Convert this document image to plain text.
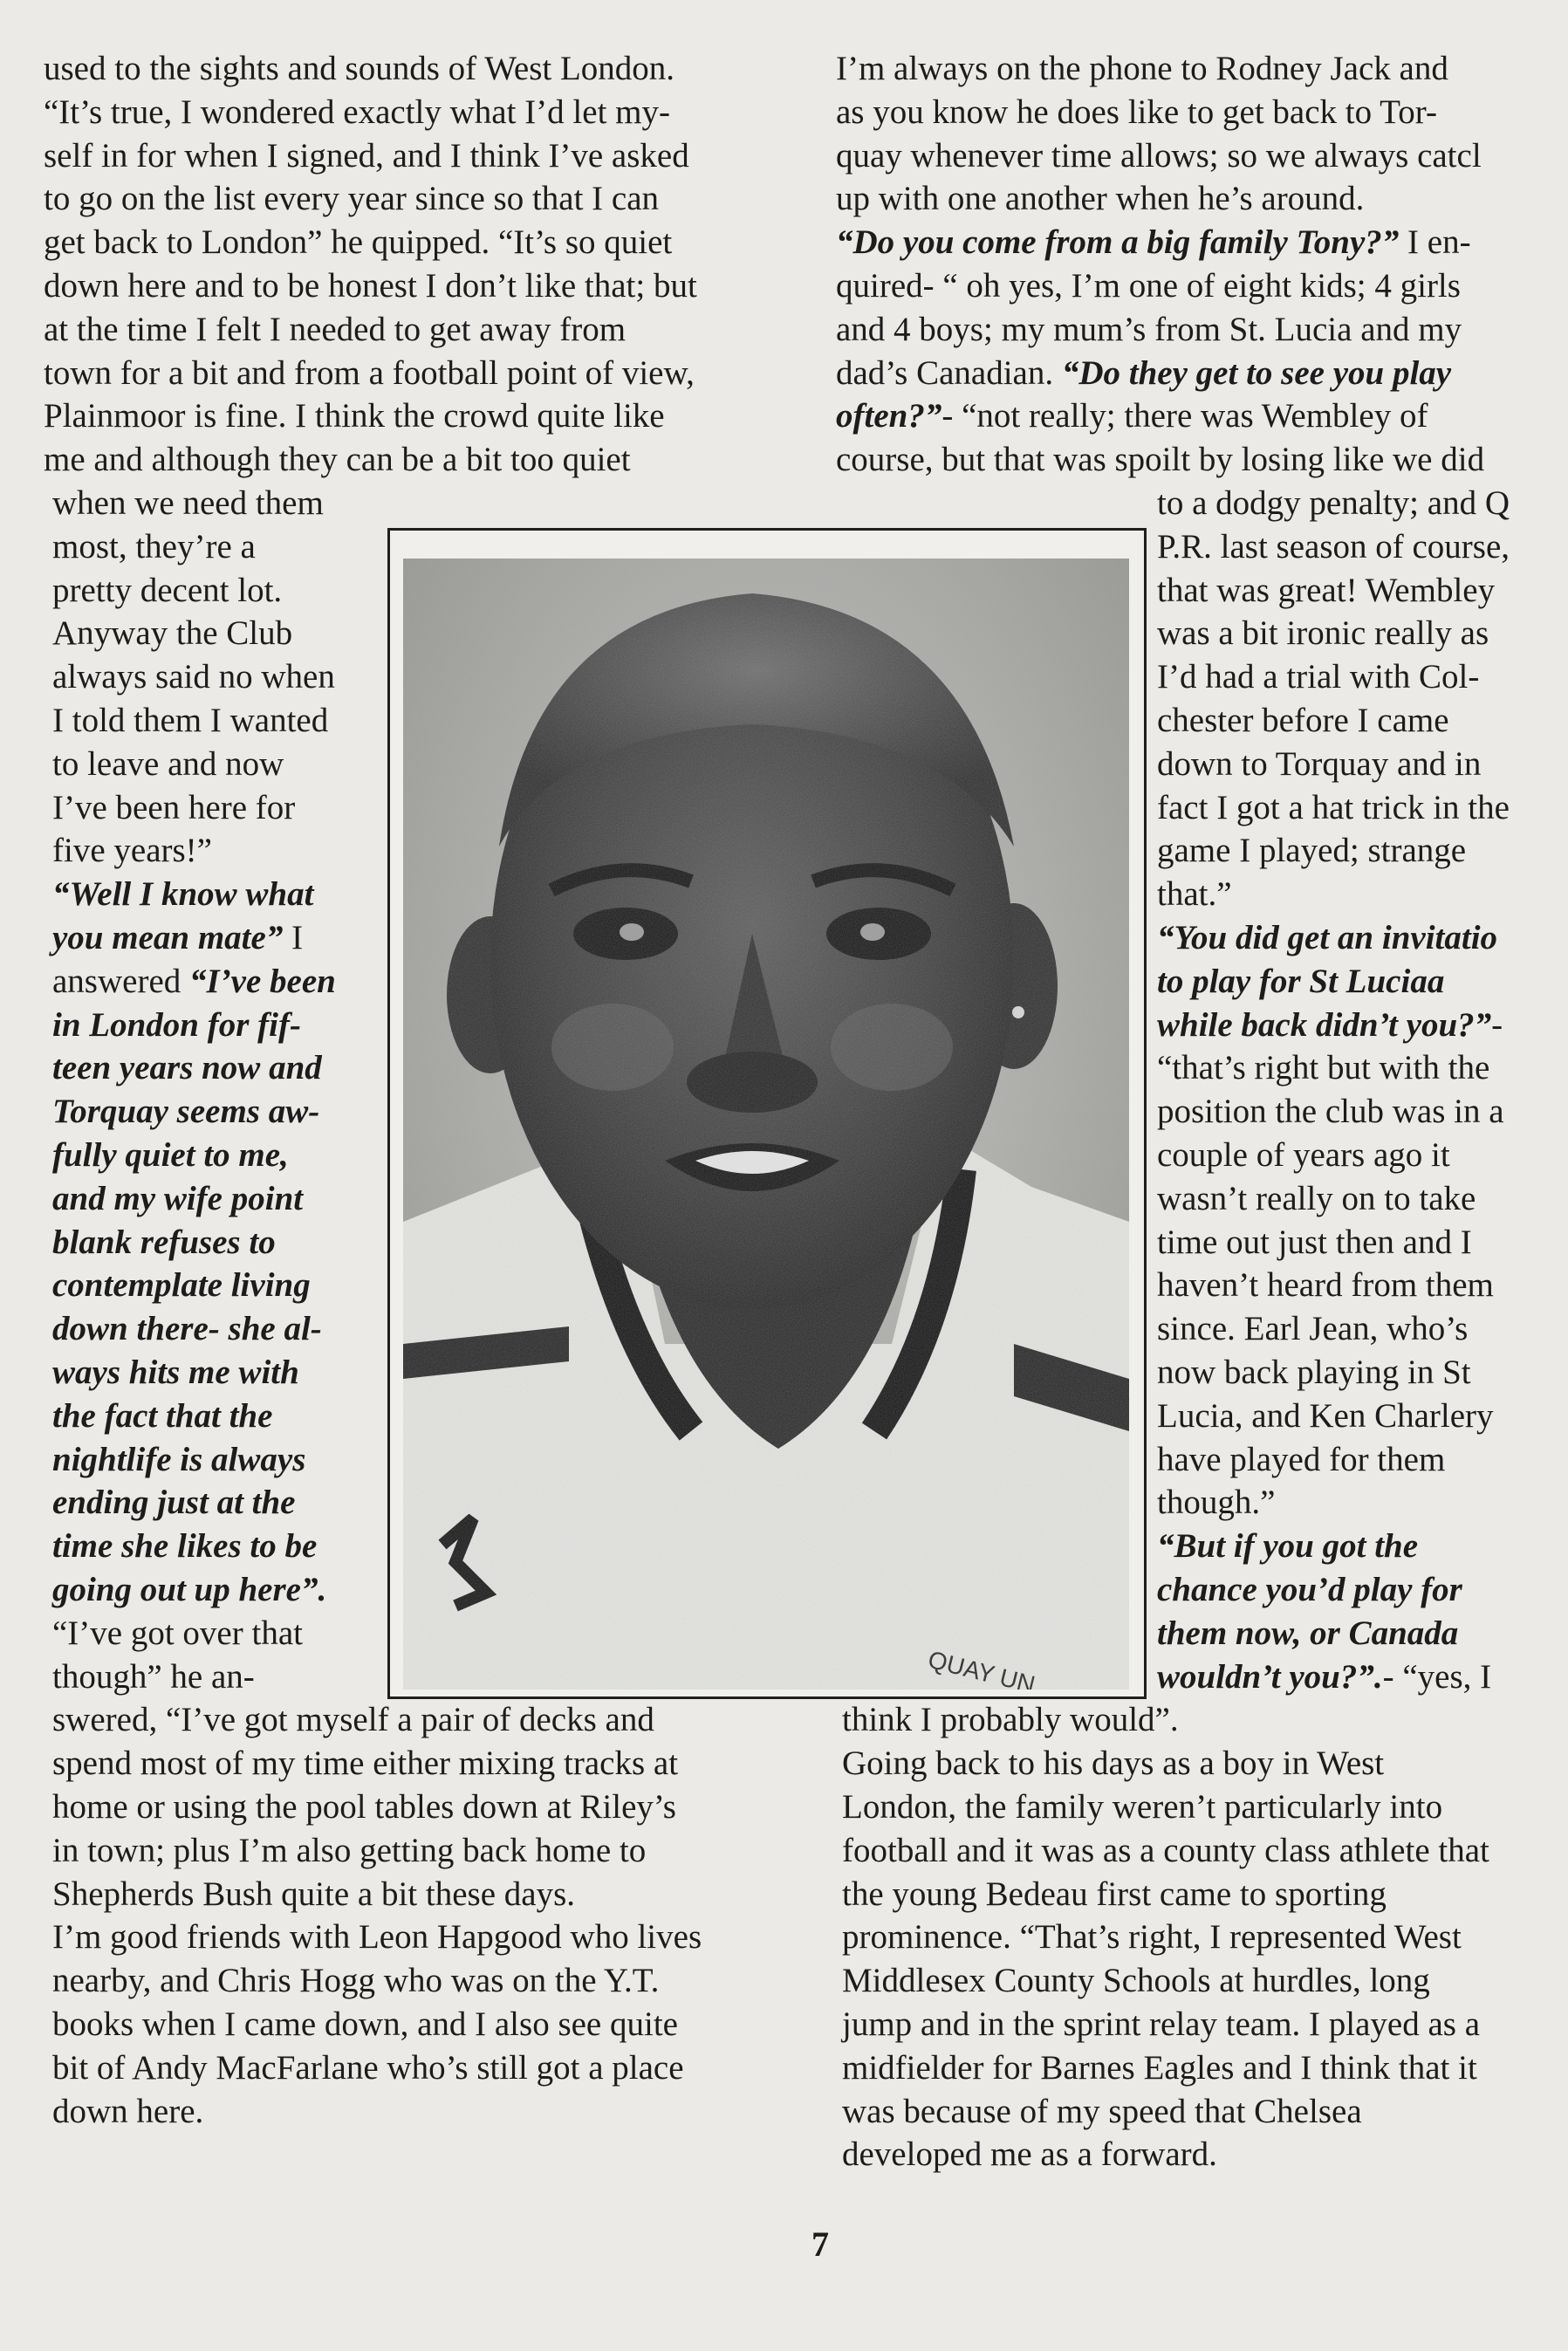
used to the sights and sounds of West London.

“It’s true, I wondered exactly what I’d let my-

self in for when I signed, and I think I’ve asked

to go on the list every year since so that I can

get back to London” he quipped. “It’s so quiet

down here and to be honest I don’t like that; but

at the time I felt I needed to get away from

town for a bit and from a football point of view,

Plainmoor is fine. I think the crowd quite like

me and although they can be a bit too quiet

when we need them

most, they’re a

pretty decent lot.

Anyway the Club

always said no when

I told them I wanted

to leave and now

I’ve been here for

five years!”

“Well I know what

you mean mate” I

answered “I’ve been

in London for fif-

teen years now and

Torquay seems aw-

fully quiet to me,

and my wife point

blank refuses to

contemplate living

down there- she al-

ways hits me with

the fact that the

nightlife is always

ending just at the

time she likes to be

going out up here”.

“I’ve got over that

though” he an-

swered, “I’ve got myself a pair of decks and

spend most of my time either mixing tracks at

home or using the pool tables down at Riley’s

in town; plus I’m also getting back home to

Shepherds Bush quite a bit these days.

I’m good friends with Leon Hapgood who lives

nearby, and Chris Hogg who was on the Y.T.

books when I came down, and I also see quite

bit of Andy MacFarlane who’s still got a place

down here.

I’m always on the phone to Rodney Jack and

as you know he does like to get back to Tor-

quay whenever time allows; so we always catcl

up with one another when he’s around.

“Do you come from a big family Tony?” I en-

quired- “ oh yes, I’m one of eight kids; 4 girls

and 4 boys; my mum’s from St. Lucia and my

dad’s Canadian. “Do they get to see you play

often?”- “not really; there was Wembley of

course, but that was spoilt by losing like we did

to a dodgy penalty; and Q

P.R. last season of course,

that was great! Wembley

was a bit ironic really as

I’d had a trial with Col-

chester before I came

down to Torquay and in

fact I got a hat trick in the

game I played; strange

that.”

“You did get an invitatio

to play for St Luciaa

while back didn’t you?”-

“that’s right but with the

position the club was in a

couple of years ago it

wasn’t really on to take

time out just then and I

haven’t heard from them

since. Earl Jean, who’s

now back playing in St

Lucia, and Ken Charlery

have played for them

though.”

“But if you got the

chance you’d play for

them now, or Canada

wouldn’t you?”.- “yes, I

think I probably would”.

Going back to his days as a boy in West

London, the family weren’t particularly into

football and it was as a county class athlete that

the young Bedeau first came to sporting

prominence. “That’s right, I represented West

Middlesex County Schools at hurdles, long

jump and in the sprint relay team. I played as a

midfielder for Barnes Eagles and I think that it

was because of my speed that Chelsea

developed me as a forward.

7
